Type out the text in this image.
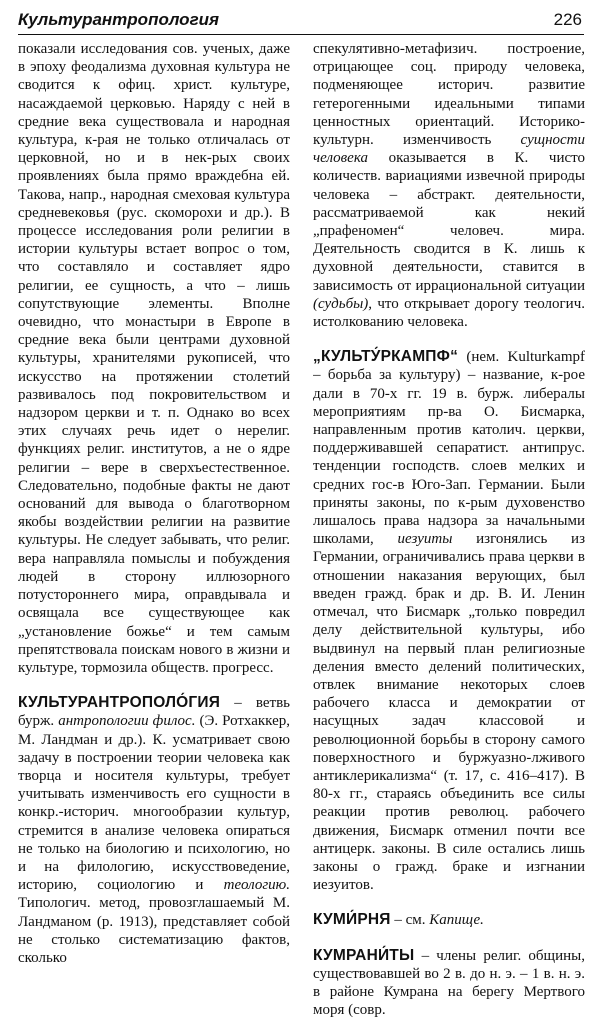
Культурантропология	226

показали исследования сов. ученых, даже в эпоху феодализма духовная культура не сводится к офиц. христ. культуре, насаждаемой церковью. Наряду с ней в средние века существовала и народная культура, к-рая не только отличалась от церковной, но и в нек-рых своих проявлениях была прямо враждебна ей. Такова, напр., народная смеховая культура средневековья (рус. скоморохи и др.). В процессе исследования роли религии в истории культуры встает вопрос о том, что составляло и составляет ядро религии, ее сущность, а что – лишь сопутствующие элементы. Вполне очевидно, что монастыри в Европе в средние века были центрами духовной культуры, хранителями рукописей, что искусство на протяжении столетий развивалось под покровительством и надзором церкви и т. п. Однако во всех этих случаях речь идет о нерелиг. функциях религ. институтов, а не о ядре религии – вере в сверхъестественное. Следовательно, подобные факты не дают оснований для вывода о благотворном якобы воздействии религии на развитие культуры. Не следует забывать, что религ. вера направляла помыслы и побуждения людей в сторону иллюзорного потустороннего мира, оправдывала и освящала все существующее как „установление божье“ и тем самым препятствовала поискам нового в жизни и культуре, тормозила обществ. прогресс.

КУЛЬТУРАНТРОПОЛО́ГИЯ – ветвь бурж. антропологии филос. (Э. Ротхаккер, М. Ландман и др.). К. усматривает свою задачу в построении теории человека как творца и носителя культуры, требует учитывать изменчивость его сущности в конкр.-историч. многообразии культур, стремится в анализе человека опираться не только на биологию и психологию, но и на филологию, искусствоведение, историю, социологию и теологию. Типологич. метод, провозглашаемый М. Ландманом (р. 1913), представляет собой не столько систематизацию фактов, сколько

спекулятивно-метафизич. построение, отрицающее соц. природу человека, подменяющее историч. развитие гетерогенными идеальными типами ценностных ориентаций. Историко-культурн. изменчивость сущности человека оказывается в К. чисто количеств. вариациями извечной природы человека – абстракт. деятельности, рассматриваемой как некий „прафеномен“ человеч. мира. Деятельность сводится в К. лишь к духовной деятельности, ставится в зависимость от иррациональной ситуации (судьбы), что открывает дорогу теологич. истолкованию человека.

„КУЛЬТУ́РКАМПФ“ (нем. Kulturkampf – борьба за культуру) – название, к-рое дали в 70-х гг. 19 в. бурж. либералы мероприятиям пр-ва О. Бисмарка, направленным против католич. церкви, поддерживавшей сепаратист. антипрус. тенденции господств. слоев мелких и средних гос-в Юго-Зап. Германии. Были приняты законы, по к-рым духовенство лишалось права надзора за начальными школами, иезуиты изгонялись из Германии, ограничивались права церкви в отношении наказания верующих, был введен гражд. брак и др. В. И. Ленин отмечал, что Бисмарк „только повредил делу действительной культуры, ибо выдвинул на первый план религиозные деления вместо делений политических, отвлек внимание некоторых слоев рабочего класса и демократии от насущных задач классовой и революционной борьбы в сторону самого поверхностного и буржуазно-лживого антиклерикализма“ (т. 17, с. 416–417). В 80-х гг., стараясь объединить все силы реакции против революц. рабочего движения, Бисмарк отменил почти все антицерк. законы. В силе остались лишь законы о гражд. браке и изгнании иезуитов.

КУМИ́РНЯ – см. Капище.

КУМРАНИ́ТЫ – члены религ. общины, существовавшей во 2 в. до н. э. – 1 в. н. э. в районе Кумрана на берегу Мертвого моря (совр.
